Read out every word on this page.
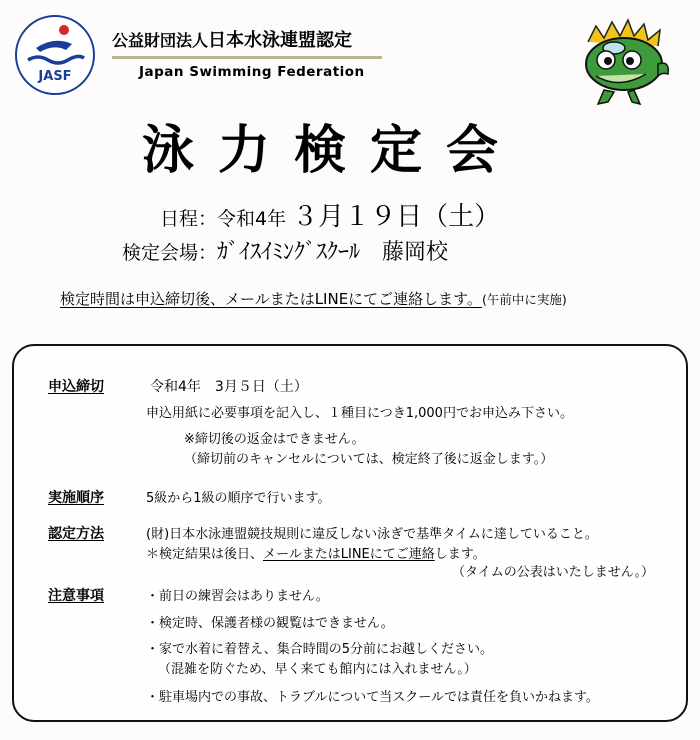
JASF
公益財団法人日本水泳連盟認定
Japan Swimming Federation
泳力検定会
日程：令和4年 ３月１９日（土）
検定会場：ｶﾞｲｽｲﾐﾝｸﾞｽｸｰﾙ　藤岡校
検定時間は申込締切後、メールまたはLINEにてご連絡します。(午前中に実施)
申込締切	令和4年　3月５日（土）
申込用紙に必要事項を記入し、１種目につき1,000円でお申込み下さい。
※締切後の返金はできません。
（締切前のキャンセルについては、検定終了後に返金します。）
実施順序	5級から1級の順序で行います。
認定方法	(財)日本水泳連盟競技規則に違反しない泳ぎで基準タイムに達していること。
＊検定結果は後日、メールまたはLINEにてご連絡します。
（タイムの公表はいたしません。）
注意事項	・前日の練習会はありません。
・検定時、保護者様の観覧はできません。
・家で水着に着替え、集合時間の5分前にお越しください。
（混雑を防ぐため、早く来ても館内には入れません。）
・駐車場内での事故、トラブルについて当スクールでは責任を負いかねます。
